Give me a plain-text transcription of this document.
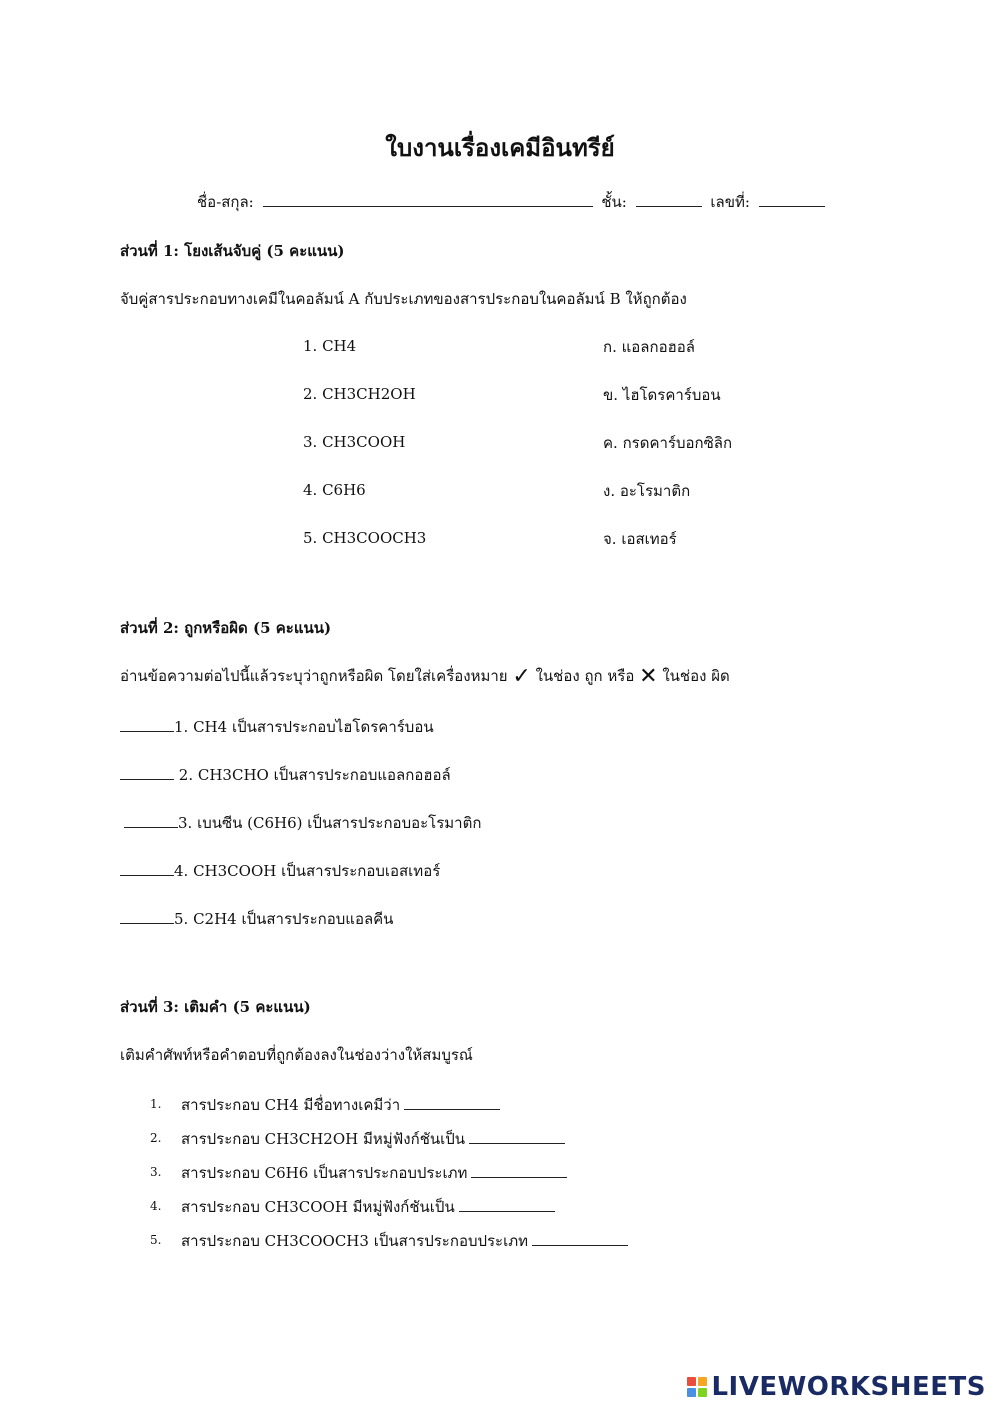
ใบงานเรื่องเคมีอินทรีย์
ชื่อ-สกุล:	ชั้น:	เลขที่:
ส่วนที่ 1: โยงเส้นจับคู่ (5 คะแนน)
จับคู่สารประกอบทางเคมีในคอลัมน์ A กับประเภทของสารประกอบในคอลัมน์ B ให้ถูกต้อง
1. CH4
2. CH3CH2OH
3. CH3COOH
4. C6H6
5. CH3COOCH3
ก. แอลกอฮอล์
ข. ไฮโดรคาร์บอน
ค. กรดคาร์บอกซิลิก
ง. อะโรมาติก
จ. เอสเทอร์
ส่วนที่ 2: ถูกหรือผิด (5 คะแนน)
อ่านข้อความต่อไปนี้แล้วระบุว่าถูกหรือผิด โดยใส่เครื่องหมาย ✓ ในช่อง ถูก หรือ ✕ ในช่อง ผิด
1. CH4 เป็นสารประกอบไฮโดรคาร์บอน
2. CH3CHO เป็นสารประกอบแอลกอฮอล์
3. เบนซีน (C6H6) เป็นสารประกอบอะโรมาติก
4. CH3COOH เป็นสารประกอบเอสเทอร์
5. C2H4 เป็นสารประกอบแอลคีน
ส่วนที่ 3: เติมคำ (5 คะแนน)
เติมคำศัพท์หรือคำตอบที่ถูกต้องลงในช่องว่างให้สมบูรณ์
1. สารประกอบ CH4 มีชื่อทางเคมีว่า
2. สารประกอบ CH3CH2OH มีหมู่ฟังก์ชันเป็น
3. สารประกอบ C6H6 เป็นสารประกอบประเภท
4. สารประกอบ CH3COOH มีหมู่ฟังก์ชันเป็น
5. สารประกอบ CH3COOCH3 เป็นสารประกอบประเภท
LIVEWORKSHEETS
